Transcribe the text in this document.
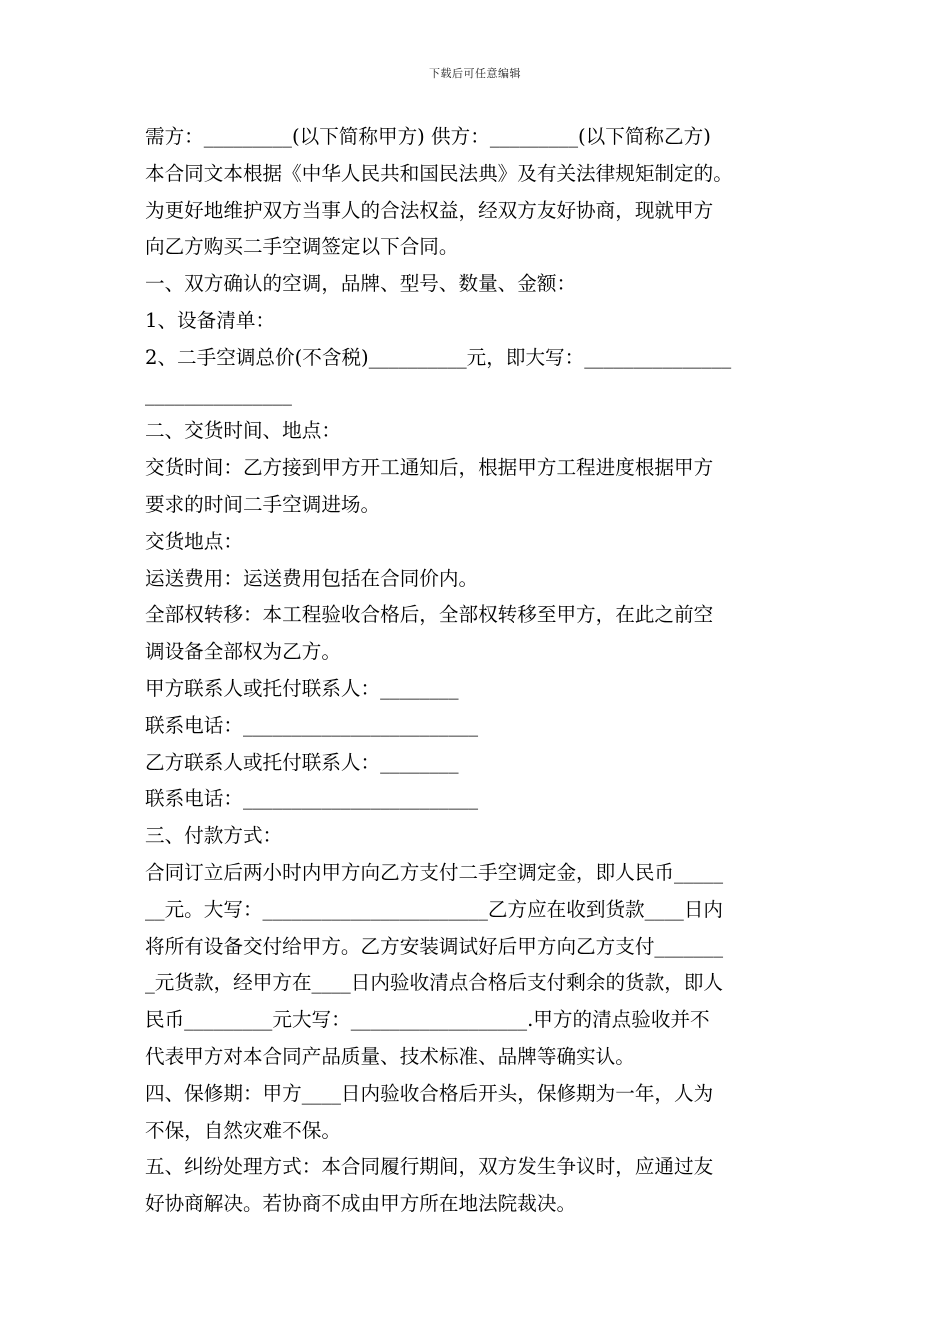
下载后可任意编辑
需方：_________(以下简称甲方) 供方：_________(以下简称乙方)
本合同文本根据《中华人民共和国民法典》及有关法律规矩制定的。
为更好地维护双方当事人的合法权益，经双方友好协商，现就甲方
向乙方购买二手空调签定以下合同。
一、双方确认的空调，品牌、型号、数量、金额：
1、设备清单：
2、二手空调总价(不含税)__________元，即大写：_______________
_______________
二、交货时间、地点：
交货时间：乙方接到甲方开工通知后，根据甲方工程进度根据甲方
要求的时间二手空调进场。
交货地点：
运送费用：运送费用包括在合同价内。
全部权转移：本工程验收合格后，全部权转移至甲方，在此之前空
调设备全部权为乙方。
甲方联系人或托付联系人：________
联系电话：________________________
乙方联系人或托付联系人：________
联系电话：________________________
三、付款方式：
合同订立后两小时内甲方向乙方支付二手空调定金，即人民币_____
__元。大写：_______________________乙方应在收到货款____日内
将所有设备交付给甲方。乙方安装调试好后甲方向乙方支付_______
_元货款，经甲方在____日内验收清点合格后支付剩余的货款，即人
民币_________元大写：__________________.甲方的清点验收并不
代表甲方对本合同产品质量、技术标准、品牌等确实认。
四、保修期：甲方____日内验收合格后开头，保修期为一年，人为
不保，自然灾难不保。
五、纠纷处理方式：本合同履行期间，双方发生争议时，应通过友
好协商解决。若协商不成由甲方所在地法院裁决。
